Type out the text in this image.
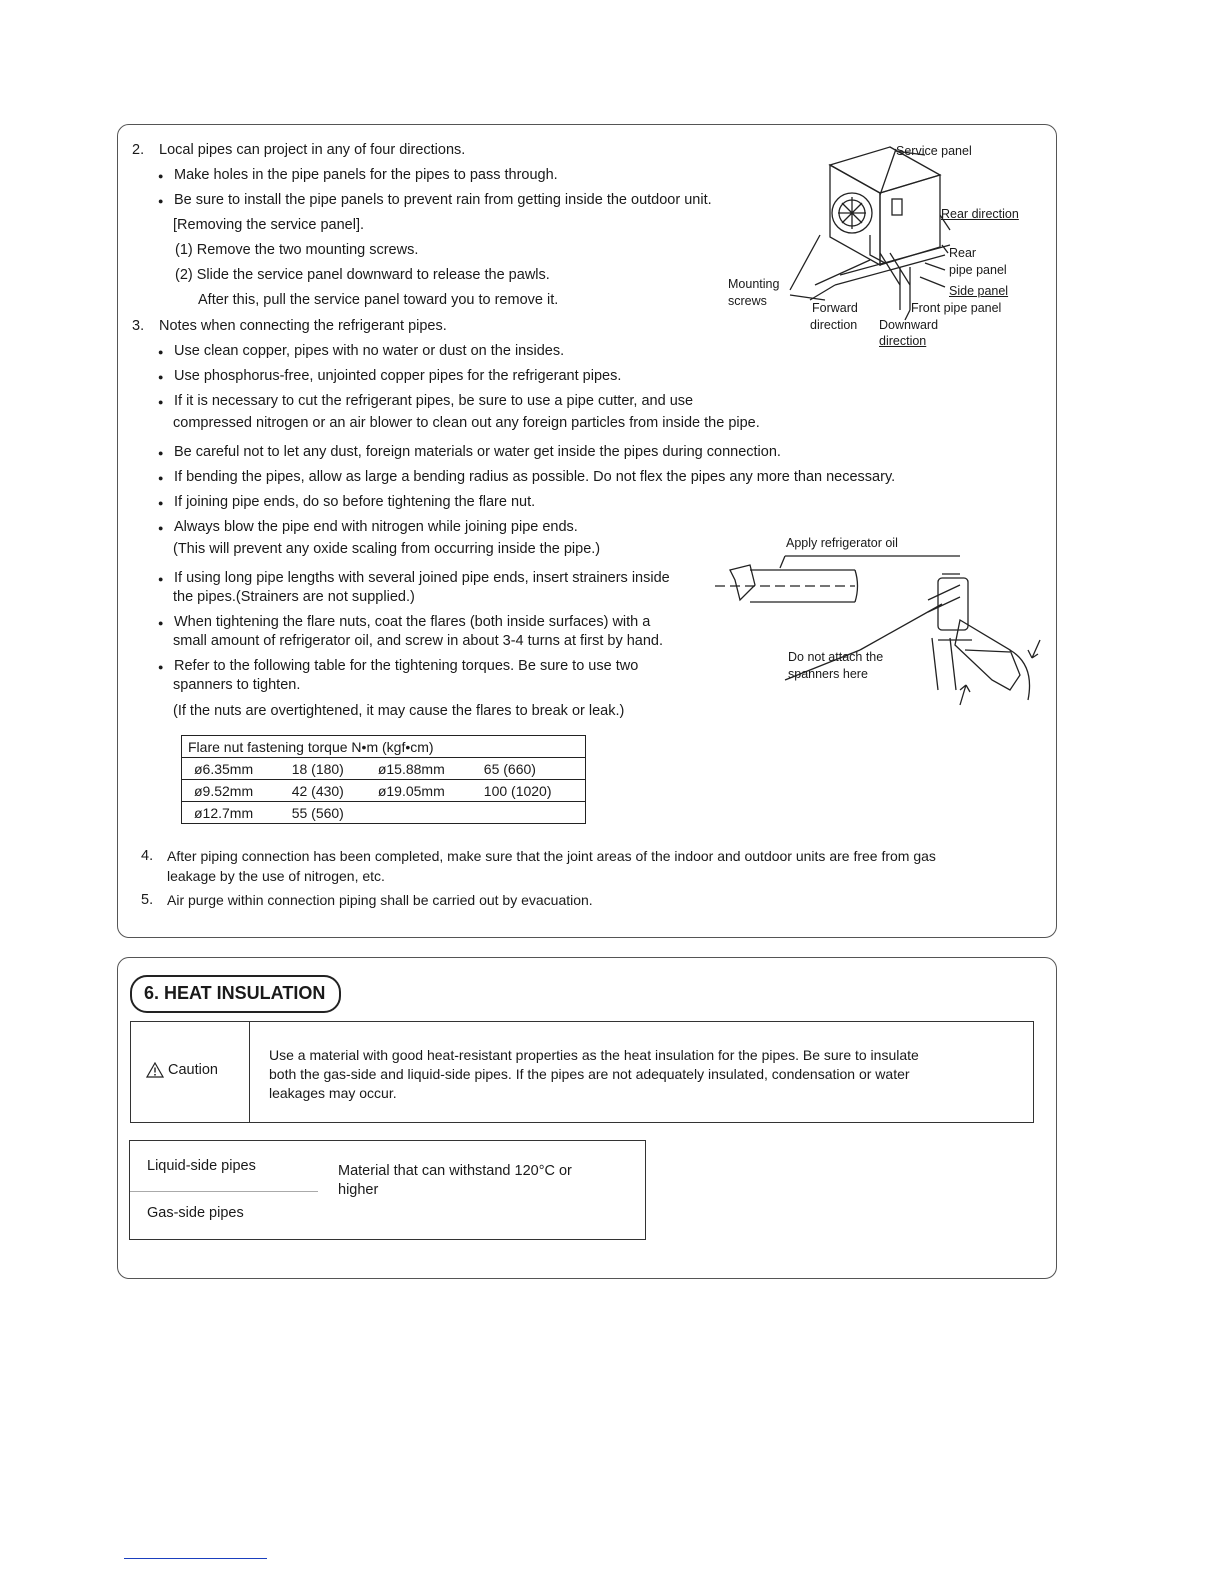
2. Local pipes can project in any of four directions.
● Make holes in the pipe panels for the pipes to pass through.
● Be sure to install the pipe panels to prevent rain from getting inside the outdoor unit.
[Removing the service panel].
(1) Remove the two mounting screws.
(2) Slide the service panel downward to release the pawls.
After this, pull the service panel toward you to remove it.
Service panel
Rear direction
Rear
pipe panel
Side panel
Front pipe panel
Mounting
screws	Forward
direction Downward
direction
3. Notes when connecting the refrigerant pipes.
● Use clean copper, pipes with no water or dust on the insides.
● Use phosphorus-free, unjointed copper pipes for the refrigerant pipes.
● If it is necessary to cut the refrigerant pipes, be sure to use a pipe cutter, and use
compressed nitrogen or an air blower to clean out any foreign particles from inside the pipe.
● Be careful not to let any dust, foreign materials or water get inside the pipes during connection.
● If bending the pipes, allow as large a bending radius as possible. Do not flex the pipes any more than necessary.
● If joining pipe ends, do so before tightening the flare nut.
● Always blow the pipe end with nitrogen while joining pipe ends.
(This will prevent any oxide scaling from occurring inside the pipe.)
● If using long pipe lengths with several joined pipe ends, insert strainers inside
the pipes.(Strainers are not supplied.)
● When tightening the flare nuts, coat the flares (both inside surfaces) with a
small amount of refrigerator oil, and screw in about 3-4 turns at first by hand.
● Refer to the following table for the tightening torques. Be sure to use two
spanners to tighten.
(If the nuts are overtightened, it may cause the flares to break or leak.)
Apply refrigerator oil
Do not attach the
spanners here
Flare nut fastening torque N•m (kgf•cm)			
ø6.35mm	18 (180)	ø15.88mm	65 (660)
ø9.52mm	42 (430)	ø19.05mm	100 (1020)
ø12.7mm	55 (560)		
4. After piping connection has been completed, make sure that the joint areas of the indoor and outdoor units are free from gas
leakage by the use of nitrogen, etc.
5. Air purge within connection piping shall be carried out by evacuation.
6. HEAT INSULATION
Caution
Use a material with good heat-resistant properties as the heat insulation for the pipes. Be sure to insulate
both the gas-side and liquid-side pipes. If the pipes are not adequately insulated, condensation or water
leakages may occur.
Liquid-side pipes
Gas-side pipes
Material that can withstand 120°C or
higher
